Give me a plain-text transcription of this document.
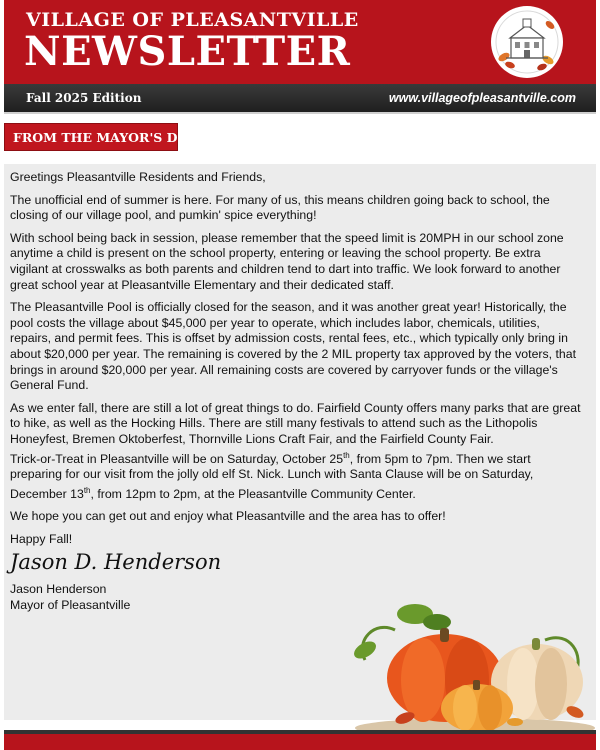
VILLAGE OF PLEASANTVILLE
NEWSLETTER
Fall 2025 Edition	www.villageofpleasantville.com
FROM THE MAYOR'S DESK

Greetings Pleasantville Residents and Friends,

The unofficial end of summer is here. For many of us, this means children going back to school, the closing of our village pool, and pumkin' spice everything!

With school being back in session, please remember that the speed limit is 20MPH in our school zone anytime a child is present on the school property, entering or leaving the school property. Be extra vigilant at crosswalks as both parents and children tend to dart into traffic. We look forward to another great school year at Pleasantville Elementary and their dedicated staff.

The Pleasantville Pool is officially closed for the season, and it was another great year! Historically, the pool costs the village about $45,000 per year to operate, which includes labor, chemicals, utilities, repairs, and permit fees. This is offset by admission costs, rental fees, etc., which typically only bring in about $20,000 per year. The remaining is covered by the 2 MIL property tax approved by the voters, that brings in around $20,000 per year. All remaining costs are covered by carryover funds or the village's General Fund.

As we enter fall, there are still a lot of great things to do. Fairfield County offers many parks that are great to hike, as well as the Hocking Hills. There are still many festivals to attend such as the Lithopolis Honeyfest, Bremen Oktoberfest, Thornville Lions Craft Fair, and the Fairfield County Fair.

Trick-or-Treat in Pleasantville will be on Saturday, October 25th, from 5pm to 7pm. Then we start preparing for our visit from the jolly old elf St. Nick. Lunch with Santa Clause will be on Saturday, December 13th, from 12pm to 2pm, at the Pleasantville Community Center.

We hope you can get out and enjoy what Pleasantville and the area has to offer!

Happy Fall!

Jason D. Henderson
Jason Henderson
Mayor of Pleasantville
